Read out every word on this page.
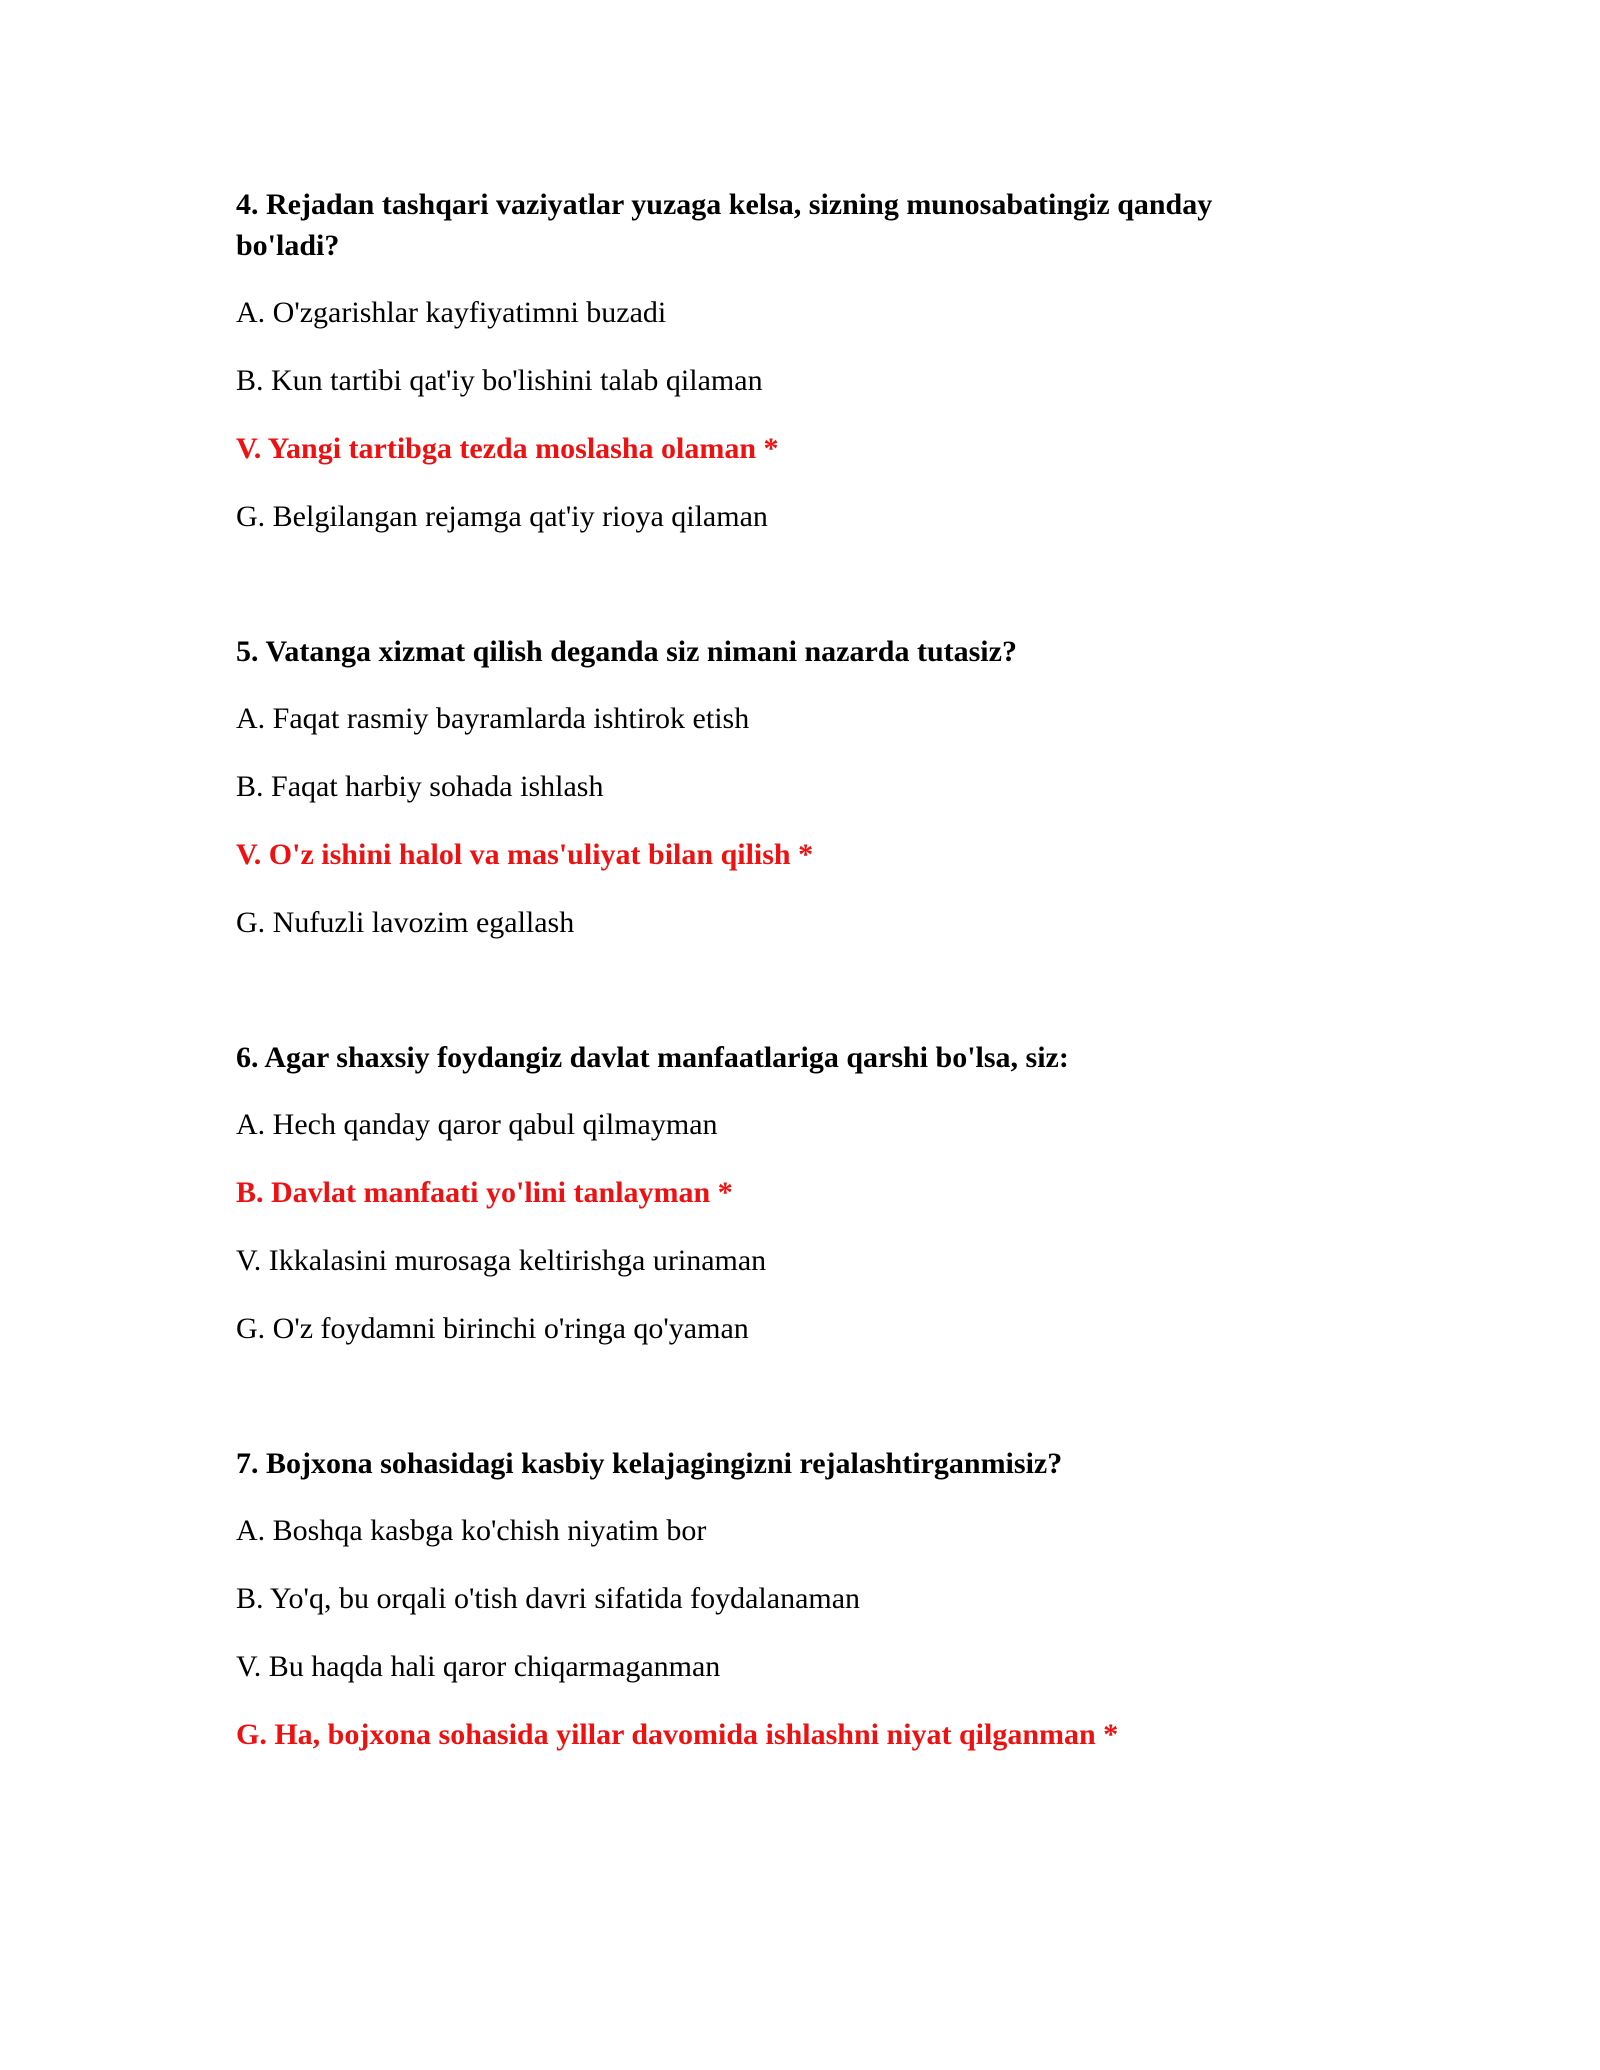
4. Rejadan tashqari vaziyatlar yuzaga kelsa, sizning munosabatingiz qanday bo'ladi?

A. O'zgarishlar kayfiyatimni buzadi
B. Kun tartibi qat'iy bo'lishini talab qilaman
V. Yangi tartibga tezda moslasha olaman *
G. Belgilangan rejamga qat'iy rioya qilaman

5. Vatanga xizmat qilish deganda siz nimani nazarda tutasiz?

A. Faqat rasmiy bayramlarda ishtirok etish
B. Faqat harbiy sohada ishlash
V. O'z ishini halol va mas'uliyat bilan qilish *
G. Nufuzli lavozim egallash

6. Agar shaxsiy foydangiz davlat manfaatlariga qarshi bo'lsa, siz:

A. Hech qanday qaror qabul qilmayman
B. Davlat manfaati yo'lini tanlayman *
V. Ikkalasini murosaga keltirishga urinaman
G. O'z foydamni birinchi o'ringa qo'yaman

7. Bojxona sohasidagi kasbiy kelajagingizni rejalashtirganmisiz?

A. Boshqa kasbga ko'chish niyatim bor
B. Yo'q, bu orqali o'tish davri sifatida foydalanaman
V. Bu haqda hali qaror chiqarmaganman
G. Ha, bojxona sohasida yillar davomida ishlashni niyat qilganman *
